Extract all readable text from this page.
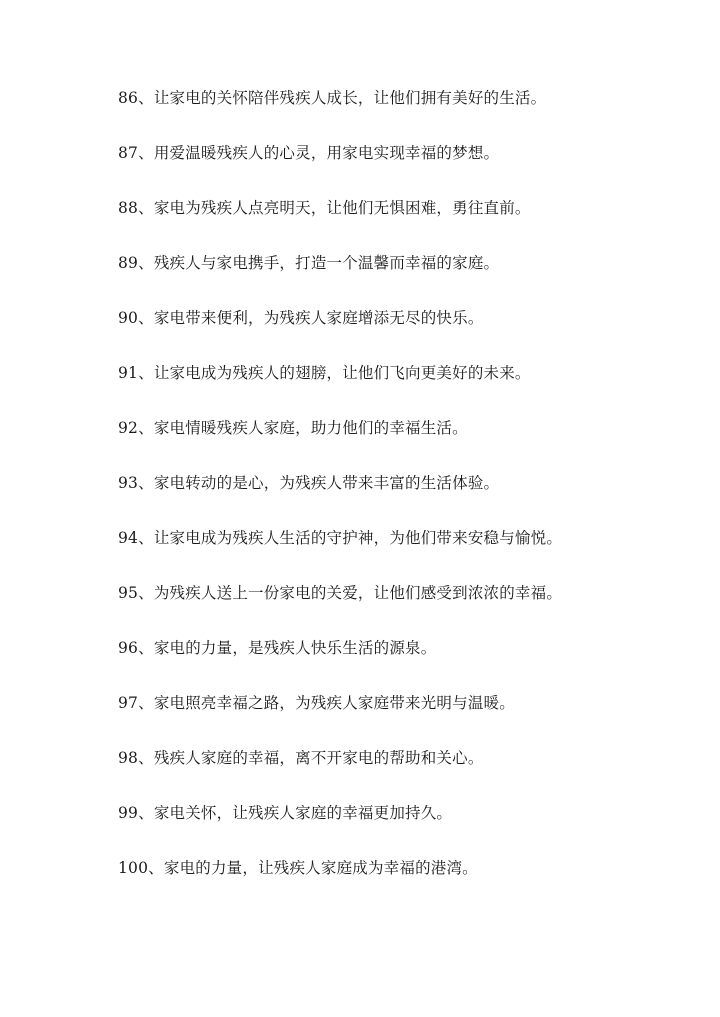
86、让家电的关怀陪伴残疾人成长，让他们拥有美好的生活。
87、用爱温暖残疾人的心灵，用家电实现幸福的梦想。
88、家电为残疾人点亮明天，让他们无惧困难，勇往直前。
89、残疾人与家电携手，打造一个温馨而幸福的家庭。
90、家电带来便利，为残疾人家庭增添无尽的快乐。
91、让家电成为残疾人的翅膀，让他们飞向更美好的未来。
92、家电情暖残疾人家庭，助力他们的幸福生活。
93、家电转动的是心，为残疾人带来丰富的生活体验。
94、让家电成为残疾人生活的守护神，为他们带来安稳与愉悦。
95、为残疾人送上一份家电的关爱，让他们感受到浓浓的幸福。
96、家电的力量，是残疾人快乐生活的源泉。
97、家电照亮幸福之路，为残疾人家庭带来光明与温暖。
98、残疾人家庭的幸福，离不开家电的帮助和关心。
99、家电关怀，让残疾人家庭的幸福更加持久。
100、家电的力量，让残疾人家庭成为幸福的港湾。
